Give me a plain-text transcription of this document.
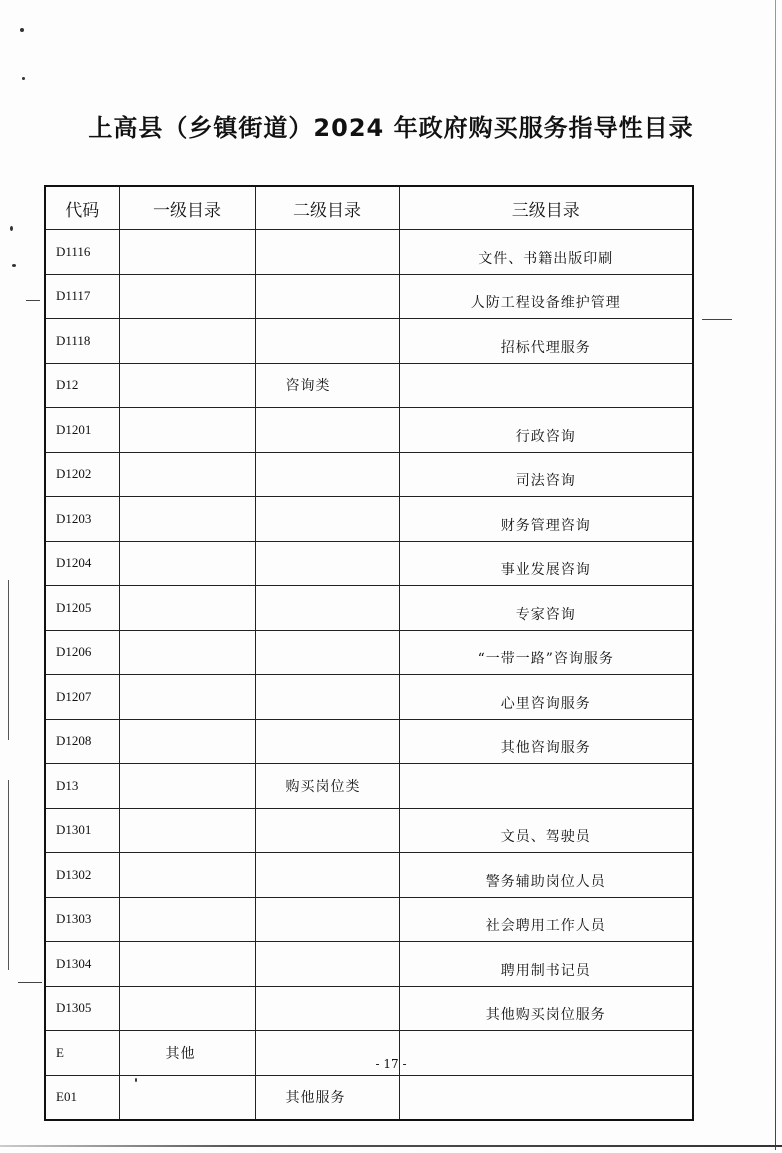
上高县（乡镇街道）2024 年政府购买服务指导性目录
代码	一级目录	二级目录	三级目录
D1116			文件、书籍出版印刷
D1117			人防工程设备维护管理
D1118			招标代理服务
D12		咨询类	
D1201			行政咨询
D1202			司法咨询
D1203			财务管理咨询
D1204			事业发展咨询
D1205			专家咨询
D1206			“一带一路”咨询服务
D1207			心里咨询服务
D1208			其他咨询服务
D13		购买岗位类	
D1301			文员、驾驶员
D1302			警务辅助岗位人员
D1303			社会聘用工作人员
D1304			聘用制书记员
D1305			其他购买岗位服务
E	其他		
E01		其他服务	
- 17 -
